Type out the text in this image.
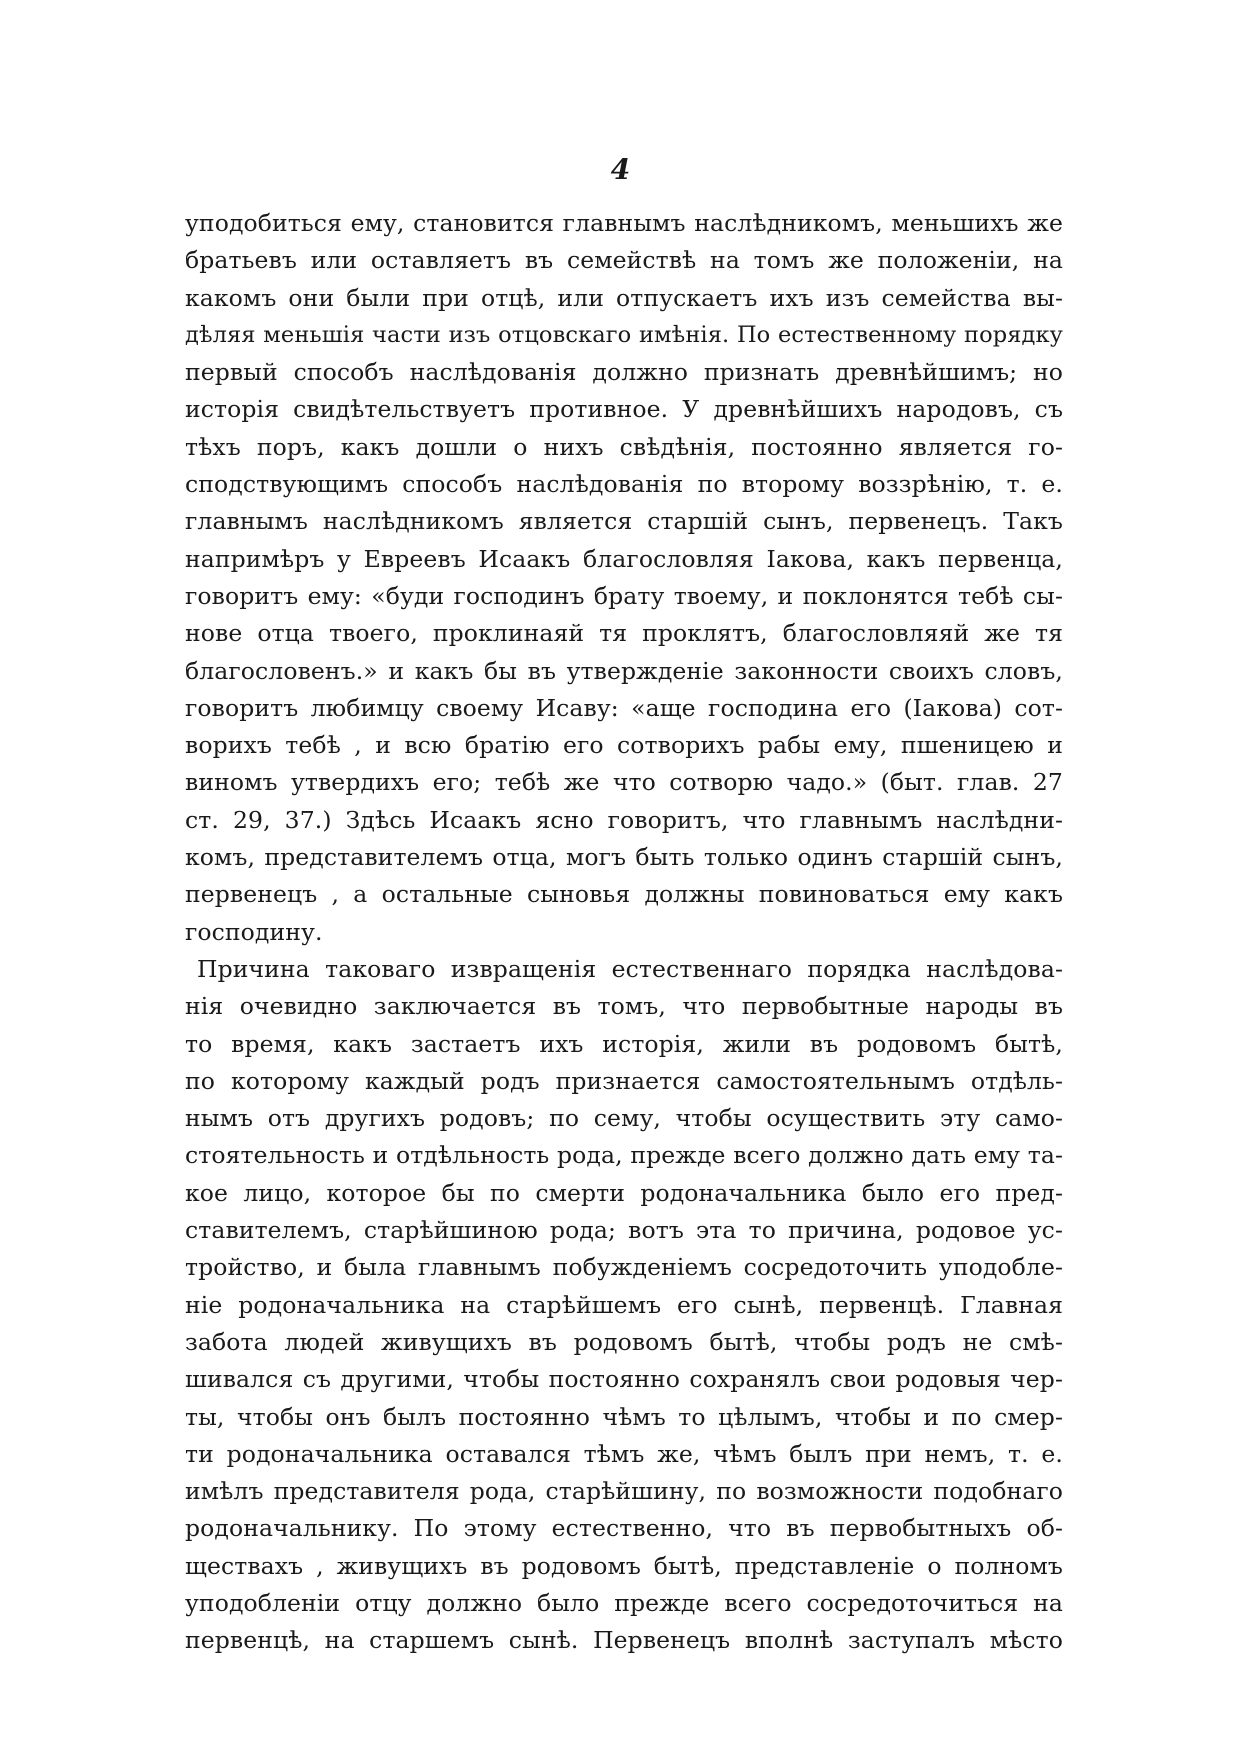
4
уподобиться ему, становится главнымъ наслѣдникомъ, меньшихъ же
братьевъ или оставляетъ въ семействѣ на томъ же положеніи, на
какомъ они были при отцѣ, или отпускаетъ ихъ изъ семейства вы-
дѣляя меньшія части изъ отцовскаго имѣнія. По естественному порядку
первый способъ наслѣдованія должно признать древнѣйшимъ; но
исторія свидѣтельствуетъ противное. У древнѣйшихъ народовъ, съ
тѣхъ поръ, какъ дошли о нихъ свѣдѣнія, постоянно является го-
сподствующимъ способъ наслѣдованія по второму воззрѣнію, т. е.
главнымъ наслѣдникомъ является старшій сынъ, первенецъ. Такъ
напримѣръ у Евреевъ Исаакъ благословляя Іакова, какъ первенца,
говоритъ ему: «буди господинъ брату твоему, и поклонятся тебѣ сы-
нове отца твоего, проклинаяй тя проклятъ, благословляяй же тя
благословенъ.» и какъ бы въ утвержденіе законности своихъ словъ,
говоритъ любимцу своему Исаву: «аще господина его (Іакова) сот-
ворихъ тебѣ , и всю братію его сотворихъ рабы ему, пшеницею и
виномъ утвердихъ его; тебѣ же что сотворю чадо.» (быт. глав. 27
ст. 29, 37.) Здѣсь Исаакъ ясно говоритъ, что главнымъ наслѣдни-
комъ, представителемъ отца, могъ быть только одинъ старшій сынъ,
первенецъ , а остальные сыновья должны повиноваться ему какъ
господину.
Причина таковаго извращенія естественнаго порядка наслѣдова-
нія очевидно заключается въ томъ, что первобытные народы въ
то время, какъ застаетъ ихъ исторія, жили въ родовомъ бытѣ,
по которому каждый родъ признается самостоятельнымъ отдѣль-
нымъ отъ другихъ родовъ; по сему, чтобы осуществить эту само-
стоятельность и отдѣльность рода, прежде всего должно дать ему та-
кое лицо, которое бы по смерти родоначальника было его пред-
ставителемъ, старѣйшиною рода; вотъ эта то причина, родовое ус-
тройство, и была главнымъ побужденіемъ сосредоточить уподобле-
ніе родоначальника на старѣйшемъ его сынѣ, первенцѣ. Главная
забота людей живущихъ въ родовомъ бытѣ, чтобы родъ не смѣ-
шивался съ другими, чтобы постоянно сохранялъ свои родовыя чер-
ты, чтобы онъ былъ постоянно чѣмъ то цѣлымъ, чтобы и по смер-
ти родоначальника оставался тѣмъ же, чѣмъ былъ при немъ, т. е.
имѣлъ представителя рода, старѣйшину, по возможности подобнаго
родоначальнику. По этому естественно, что въ первобытныхъ об-
ществахъ , живущихъ въ родовомъ бытѣ, представленіе о полномъ
уподобленіи отцу должно было прежде всего сосредоточиться на
первенцѣ, на старшемъ сынѣ. Первенецъ вполнѣ заступалъ мѣсто
